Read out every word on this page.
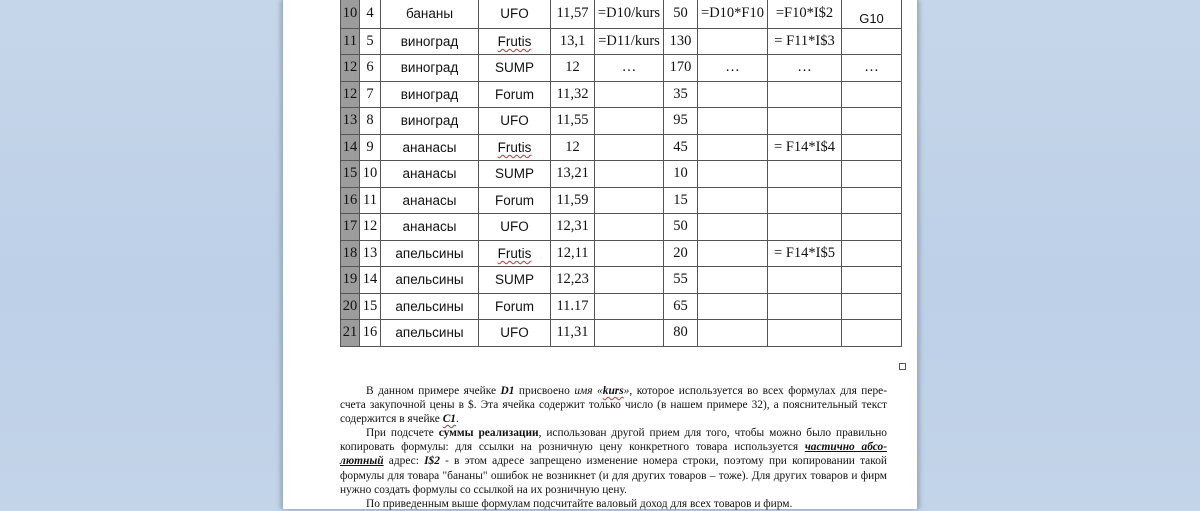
10	4	бананы	UFO	11,57	=D10/kurs	50	=D10*F10	=F10*I$2	G10
11	5	виноград	Frutis	13,1	=D11/kurs	130		= F11*I$3	
12	6	виноград	SUMP	12	…	170	…	…	…
12	7	виноград	Forum	11,32		35			
13	8	виноград	UFO	11,55		95			
14	9	ананасы	Frutis	12		45		= F14*I$4	
15	10	ананасы	SUMP	13,21		10			
16	11	ананасы	Forum	11,59		15			
17	12	ананасы	UFO	12,31		50			
18	13	апельсины	Frutis	12,11		20		= F14*I$5	
19	14	апельсины	SUMP	12,23		55			
20	15	апельсины	Forum	11.17		65			
21	16	апельсины	UFO	11,31		80			

В данном примере ячейке D1 присвоено имя «kurs», которое используется во всех формулах для пере-счета закупочной цены в $. Эта ячейка содержит только число (в нашем примере 32), а пояснительный текст содержится в ячейке C1.

При подсчете суммы реализации, использован другой прием для того, чтобы можно было правильно копировать формулы: для ссылки на розничную цену конкретного товара используется частично абсо-лютный адрес: I$2 - в этом адресе запрещено изменение номера строки, поэтому при копировании такой формулы для товара "бананы" ошибок не возникнет (и для других товаров – тоже). Для других товаров и фирм нужно создать формулы со ссылкой на их розничную цену.

По приведенным выше формулам подсчитайте валовый доход для всех товаров и фирм.
